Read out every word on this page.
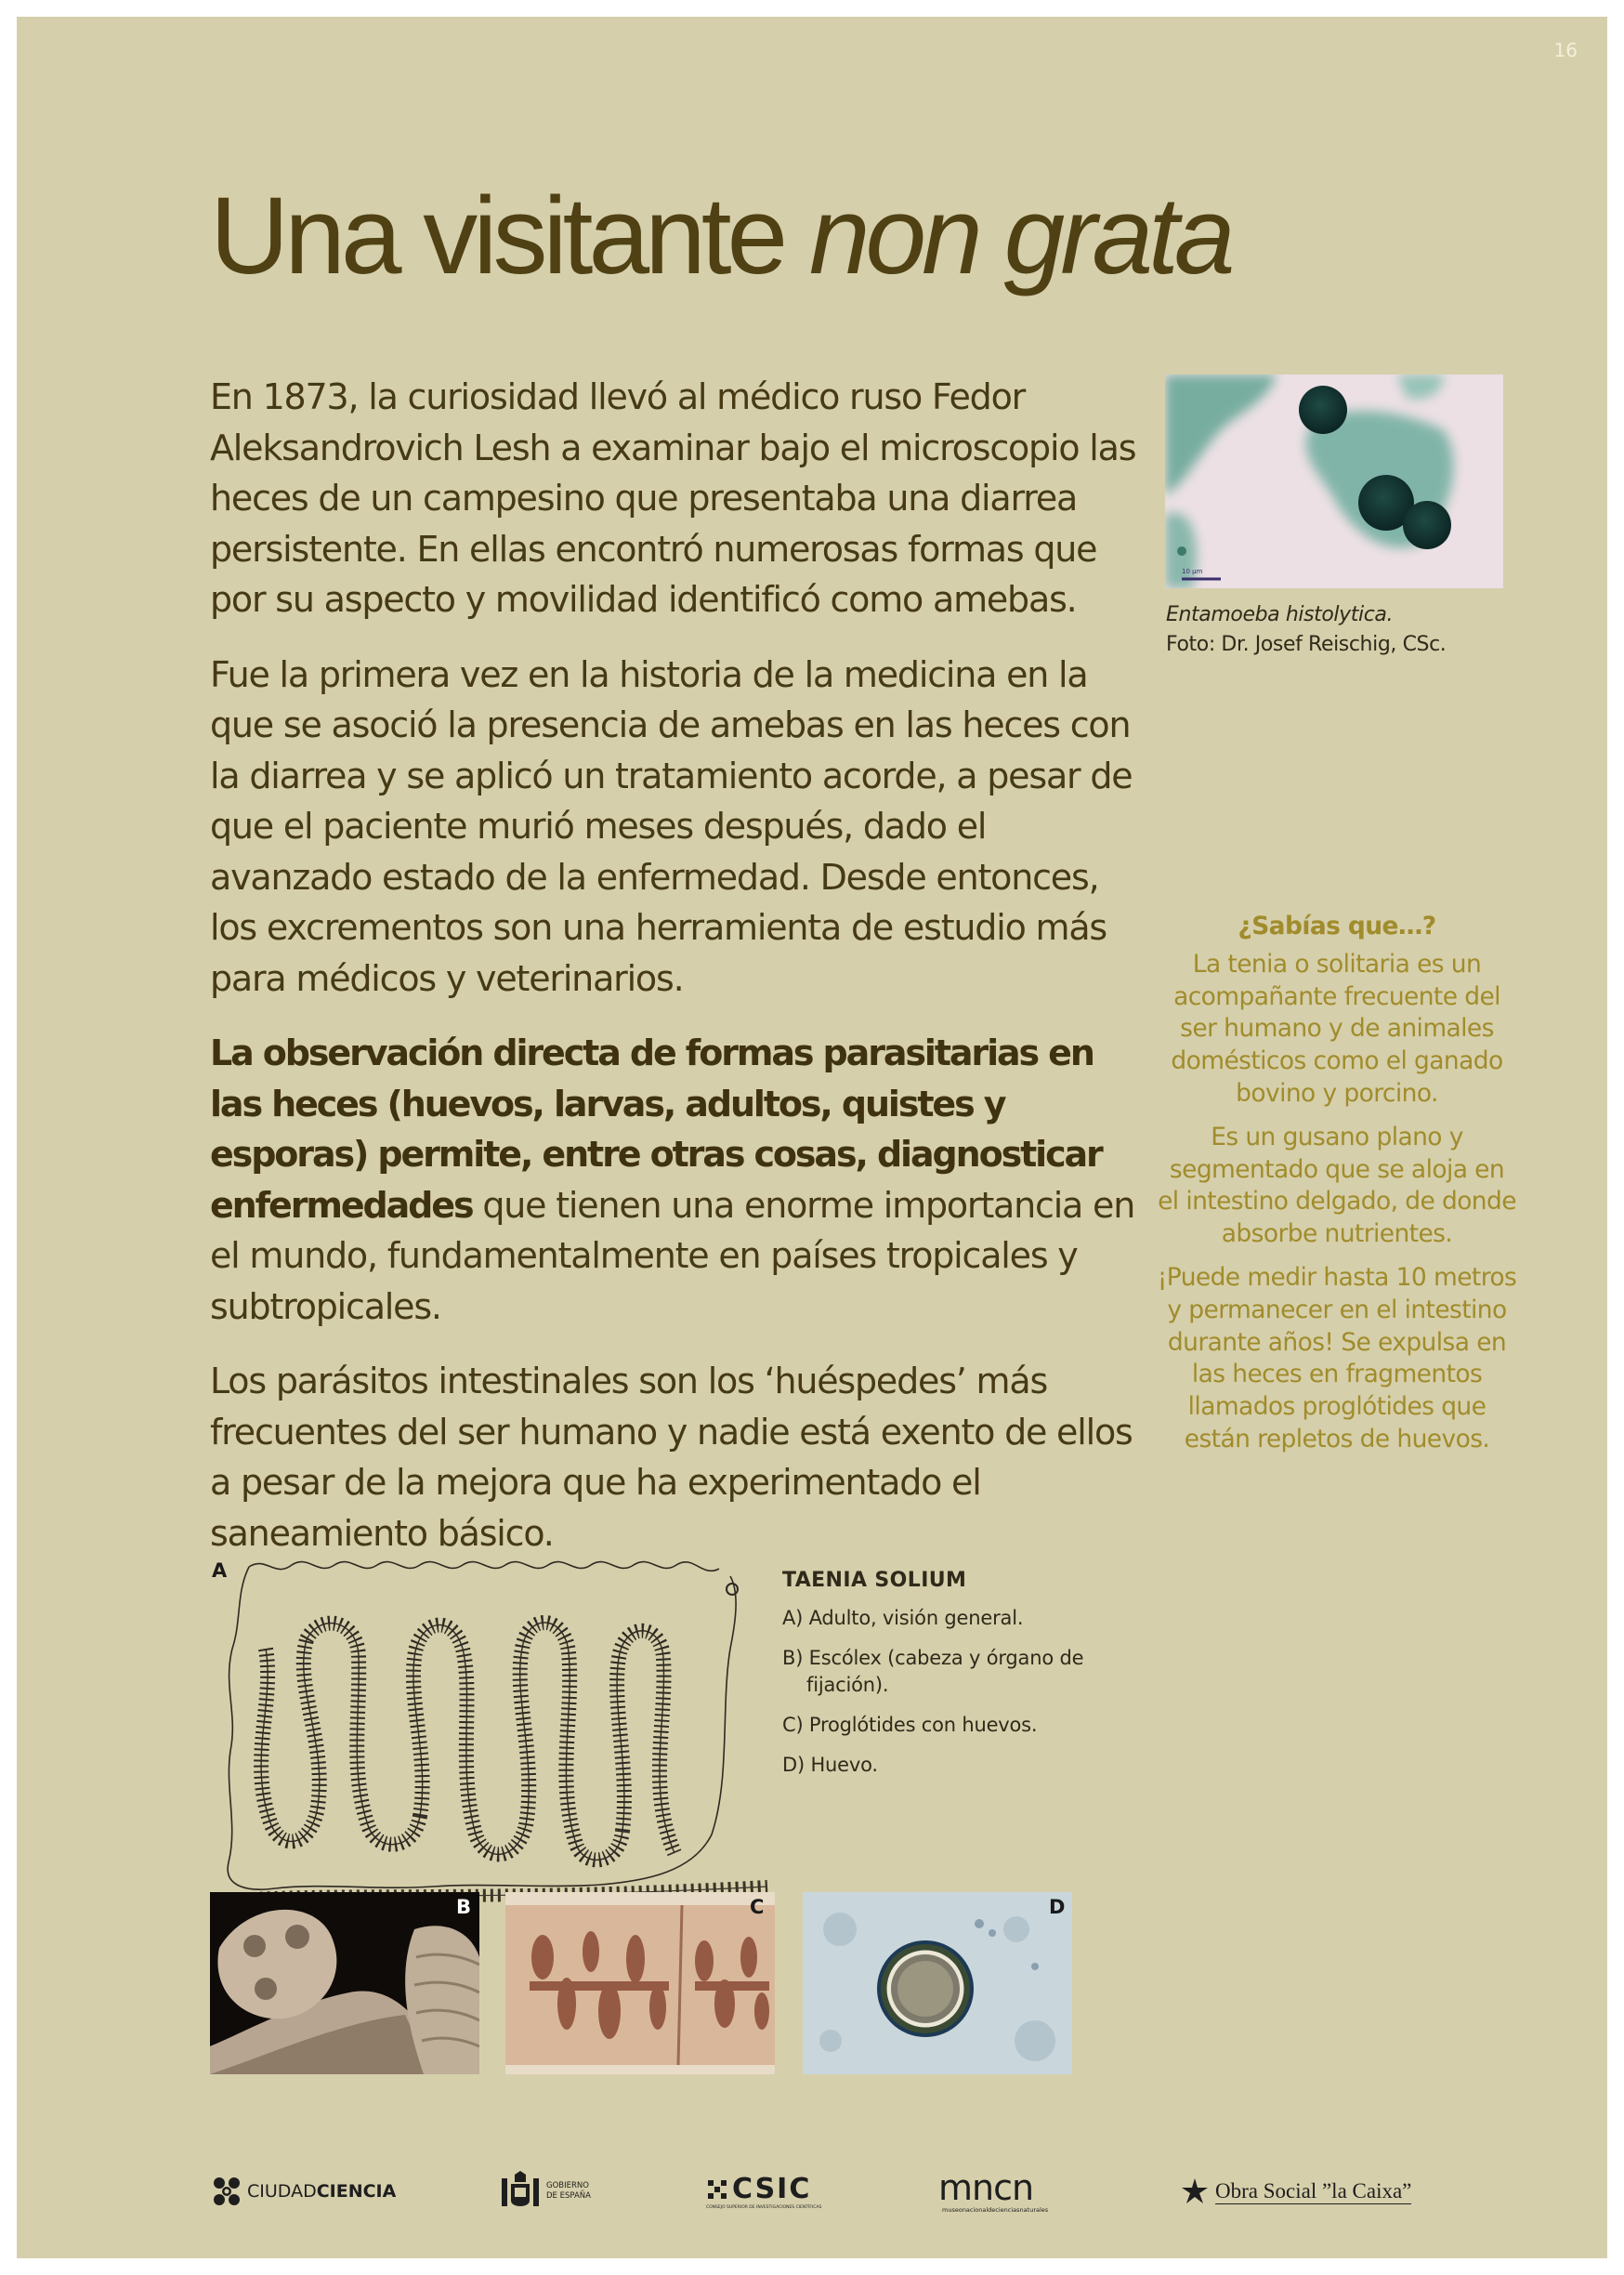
16
Una visitante non grata

En 1873, la curiosidad llevó al médico ruso Fedor Aleksandrovich Lesh a examinar bajo el microscopio las heces de un campesino que presentaba una diarrea persistente. En ellas encontró numerosas formas que por su aspecto y movilidad identificó como amebas.

Fue la primera vez en la historia de la medicina en la que se asoció la presencia de amebas en las heces con la diarrea y se aplicó un tratamiento acorde, a pesar de que el paciente murió meses después, dado el avanzado estado de la enfermedad. Desde entonces, los excrementos son una herramienta de estudio más para médicos y veterinarios.

La observación directa de formas parasitarias en las heces (huevos, larvas, adultos, quistes y esporas) permite, entre otras cosas, diagnosticar enfermedades que tienen una enorme importancia en el mundo, fundamentalmente en países tropicales y subtropicales.

Los parásitos intestinales son los ‘huéspedes’ más frecuentes del ser humano y nadie está exento de ellos a pesar de la mejora que ha experimentado el saneamiento básico.

10 µm
Entamoeba histolytica.
Foto: Dr. Josef Reischig, CSc.
¿Sabías que…?

La tenia o solitaria es un acompañante frecuente del ser humano y de animales domésticos como el ganado bovino y porcino.

Es un gusano plano y segmentado que se aloja en el intestino delgado, de donde absorbe nutrientes.

¡Puede medir hasta 10 metros y permanecer en el intestino durante años! Se expulsa en las heces en fragmentos llamados proglótides que están repletos de huevos.

A	TAENIA SOLIUM
A) Adulto, visión general.
B) Escólex (cabeza y órgano de fijación).
C) Proglótides con huevos.
D) Huevo.
B	C	D
CIUDAD CIENCIA	GOBIERNO
DE ESPAÑA	CSIC
CONSEJO SUPERIOR DE INVESTIGACIONES CIENTÍFICAS	mncn
museonacionaldecienciasnaturales
Obra Social ”la Caixa”
